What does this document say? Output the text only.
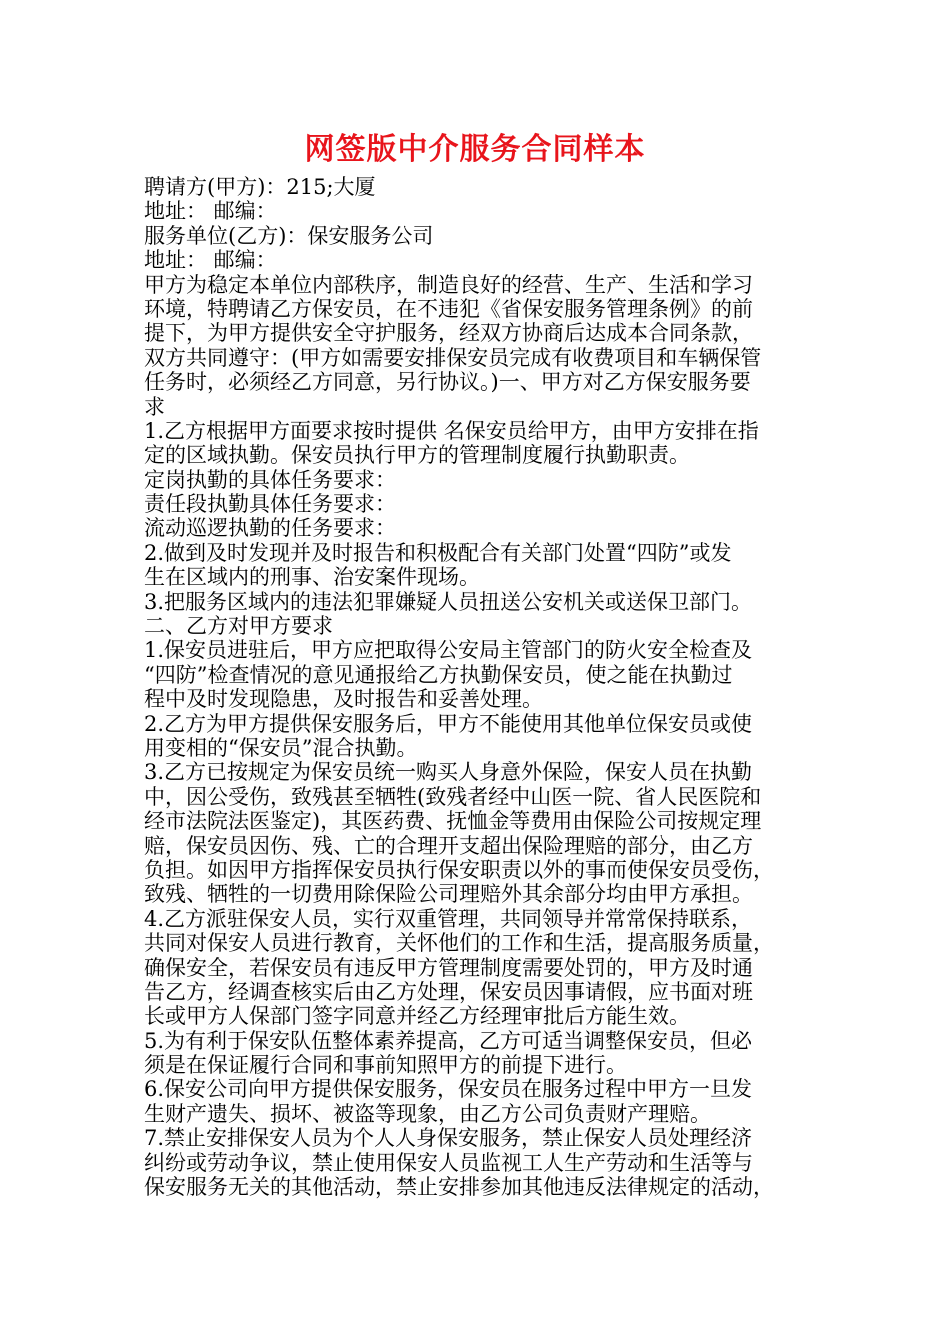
网签版中介服务合同样本
聘请方(甲方)：215;大厦
地址： 邮编：
服务单位(乙方)：保安服务公司
地址： 邮编：
甲方为稳定本单位内部秩序，制造良好的经营、生产、生活和学习
环境，特聘请乙方保安员，在不违犯《省保安服务管理条例》的前
提下，为甲方提供安全守护服务，经双方协商后达成本合同条款，
双方共同遵守：(甲方如需要安排保安员完成有收费项目和车辆保管
任务时，必须经乙方同意，另行协议。)一、甲方对乙方保安服务要
求
1.乙方根据甲方面要求按时提供 名保安员给甲方，由甲方安排在指
定的区域执勤。保安员执行甲方的管理制度履行执勤职责。
定岗执勤的具体任务要求：
责任段执勤具体任务要求：
流动巡逻执勤的任务要求：
2.做到及时发现并及时报告和积极配合有关部门处置“四防”或发
生在区域内的刑事、治安案件现场。
3.把服务区域内的违法犯罪嫌疑人员扭送公安机关或送保卫部门。
二、乙方对甲方要求
1.保安员进驻后，甲方应把取得公安局主管部门的防火安全检查及
“四防”检查情况的意见通报给乙方执勤保安员，使之能在执勤过
程中及时发现隐患，及时报告和妥善处理。
2.乙方为甲方提供保安服务后，甲方不能使用其他单位保安员或使
用变相的“保安员”混合执勤。
3.乙方已按规定为保安员统一购买人身意外保险，保安人员在执勤
中，因公受伤，致残甚至牺牲(致残者经中山医一院、省人民医院和
经市法院法医鉴定)，其医药费、抚恤金等费用由保险公司按规定理
赔，保安员因伤、残、亡的合理开支超出保险理赔的部分，由乙方
负担。如因甲方指挥保安员执行保安职责以外的事而使保安员受伤，
致残、牺牲的一切费用除保险公司理赔外其余部分均由甲方承担。
4.乙方派驻保安人员，实行双重管理，共同领导并常常保持联系，
共同对保安人员进行教育，关怀他们的工作和生活，提高服务质量，
确保安全，若保安员有违反甲方管理制度需要处罚的，甲方及时通
告乙方，经调查核实后由乙方处理，保安员因事请假，应书面对班
长或甲方人保部门签字同意并经乙方经理审批后方能生效。
5.为有利于保安队伍整体素养提高，乙方可适当调整保安员，但必
须是在保证履行合同和事前知照甲方的前提下进行。
6.保安公司向甲方提供保安服务，保安员在服务过程中甲方一旦发
生财产遗失、损坏、被盗等现象，由乙方公司负责财产理赔。
7.禁止安排保安人员为个人人身保安服务，禁止保安人员处理经济
纠纷或劳动争议，禁止使用保安人员监视工人生产劳动和生活等与
保安服务无关的其他活动，禁止安排参加其他违反法律规定的活动，
